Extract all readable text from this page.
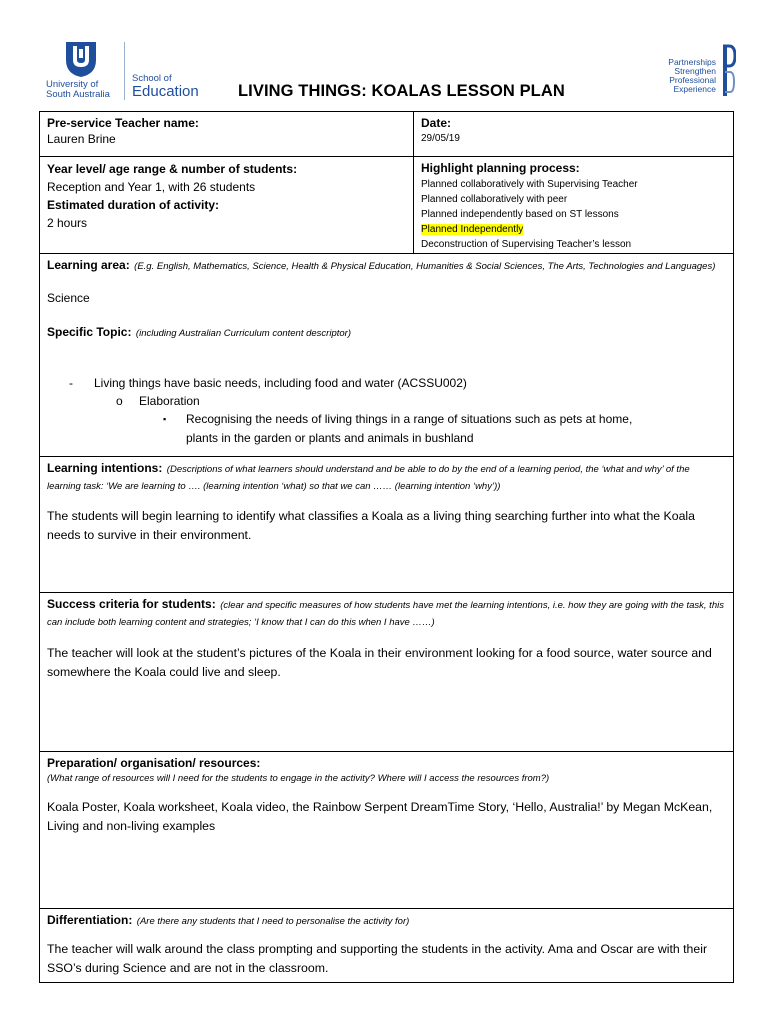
University of
South Australia
School of
Education LIVING THINGS: KOALAS LESSON PLAN
Partnerships
Strengthen
Professional
Experience
Pre-service Teacher name:
Lauren Brine
Date:
29/05/19
Year level/ age range & number of students:
Reception and Year 1, with 26 students
Estimated duration of activity:
2 hours
Highlight planning process:
Planned collaboratively with Supervising Teacher
Planned collaboratively with peer
Planned independently based on ST lessons
Planned Independently
Deconstruction of Supervising Teacher’s lesson
Learning area: (E.g. English, Mathematics, Science, Health & Physical Education, Humanities & Social Sciences, The Arts, Technologies and Languages)
Science
Specific Topic: (including Australian Curriculum content descriptor)
- Living things have basic needs, including food and water (ACSSU002)
o Elaboration
▪ Recognising the needs of living things in a range of situations such as pets at home,
plants in the garden or plants and animals in bushland
Learning intentions: (Descriptions of what learners should understand and be able to do by the end of a learning period, the ‘what and why’ of the learning task: ‘We are learning to …. (learning intention ‘what) so that we can …… (learning intention ‘why’))
The students will begin learning to identify what classifies a Koala as a living thing searching further into what the Koala needs to survive in their environment.
Success criteria for students: (clear and specific measures of how students have met the learning intentions, i.e. how they are going with the task, this can include both learning content and strategies; ‘I know that I can do this when I have ……)
The teacher will look at the student’s pictures of the Koala in their environment looking for a food source, water source and somewhere the Koala could live and sleep.
Preparation/ organisation/ resources:
(What range of resources will I need for the students to engage in the activity? Where will I access the resources from?)
Koala Poster, Koala worksheet, Koala video, the Rainbow Serpent DreamTime Story, ‘Hello, Australia!’ by Megan McKean, Living and non-living examples
Differentiation: (Are there any students that I need to personalise the activity for)
The teacher will walk around the class prompting and supporting the students in the activity. Ama and Oscar are with their SSO’s during Science and are not in the classroom.
